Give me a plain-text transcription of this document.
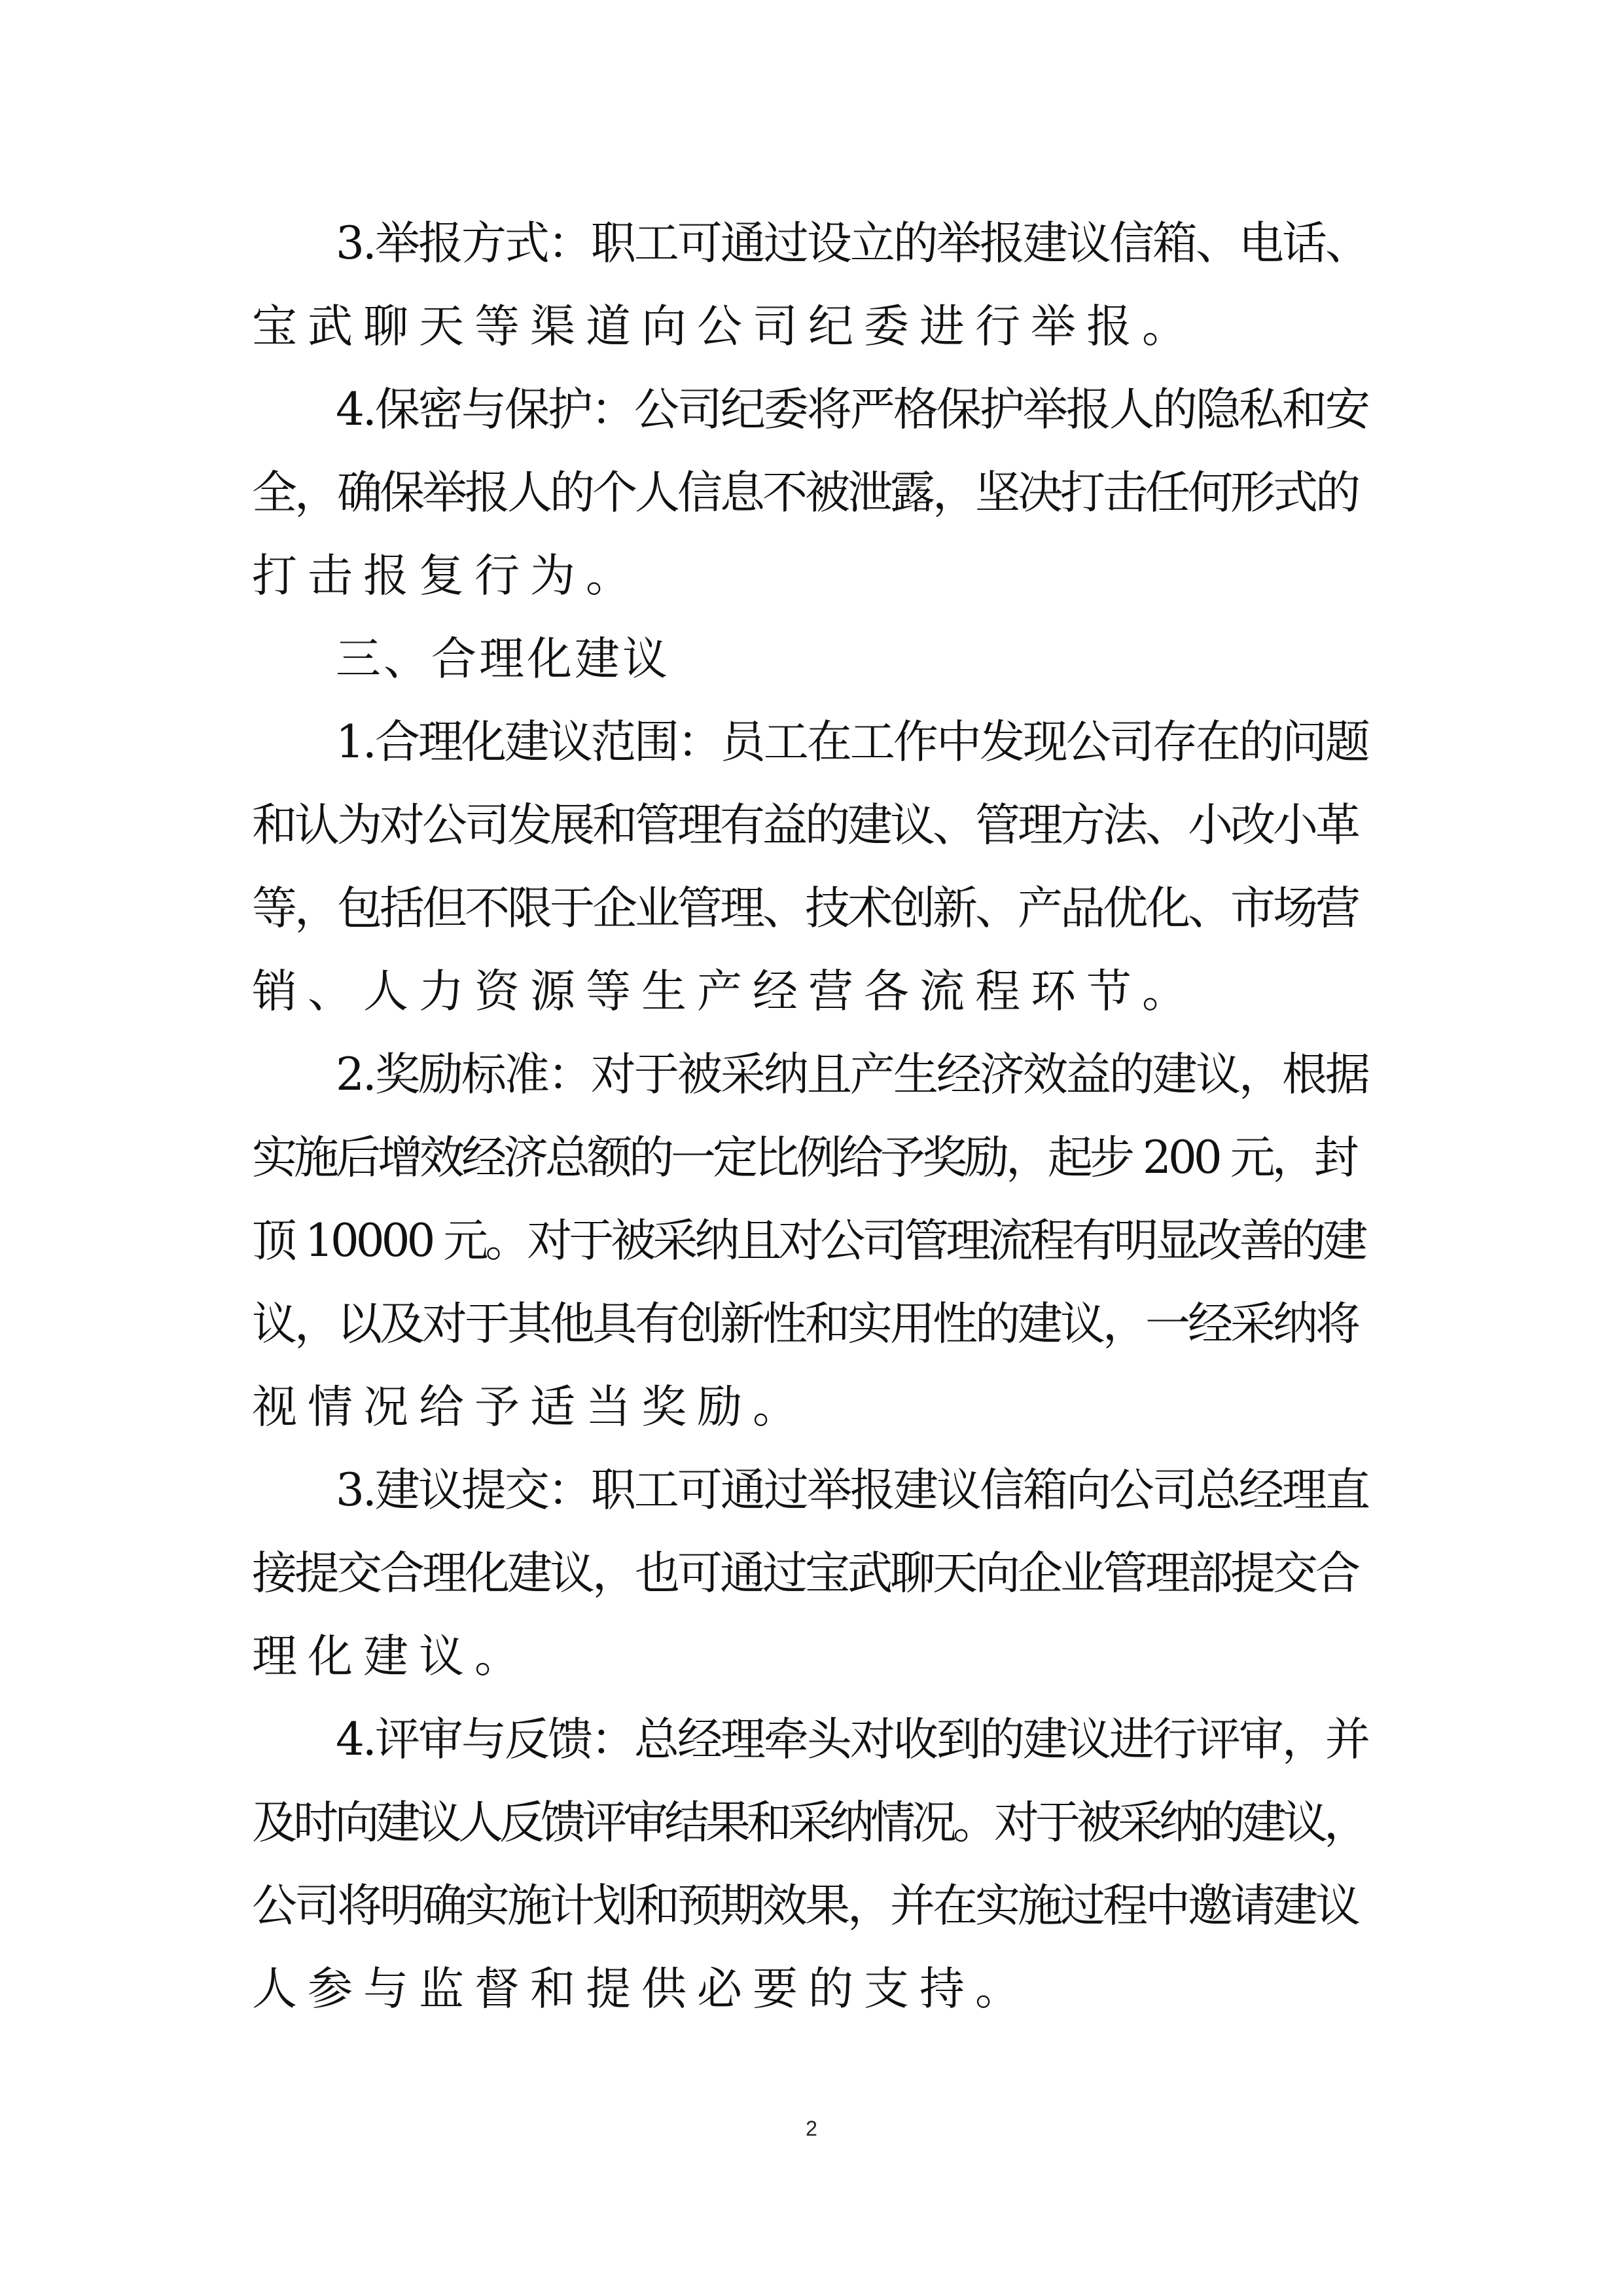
3.举报方式：职工可通过设立的举报建议信箱、电话、
宝武聊天等渠道向公司纪委进行举报。
4.保密与保护：公司纪委将严格保护举报人的隐私和安
全，确保举报人的个人信息不被泄露，坚决打击任何形式的
打击报复行为。
三、合理化建议
1.合理化建议范围：员工在工作中发现公司存在的问题
和认为对公司发展和管理有益的建议、管理方法、小改小革
等，包括但不限于企业管理、技术创新、产品优化、市场营
销、人力资源等生产经营各流程环节。
2.奖励标准：对于被采纳且产生经济效益的建议，根据
实施后增效经济总额的一定比例给予奖励，起步 200 元，封
顶 10000 元。对于被采纳且对公司管理流程有明显改善的建
议，以及对于其他具有创新性和实用性的建议，一经采纳将
视情况给予适当奖励。
3.建议提交：职工可通过举报建议信箱向公司总经理直
接提交合理化建议，也可通过宝武聊天向企业管理部提交合
理化建议。
4.评审与反馈：总经理牵头对收到的建议进行评审，并
及时向建议人反馈评审结果和采纳情况。对于被采纳的建议，
公司将明确实施计划和预期效果，并在实施过程中邀请建议
人参与监督和提供必要的支持。
2
